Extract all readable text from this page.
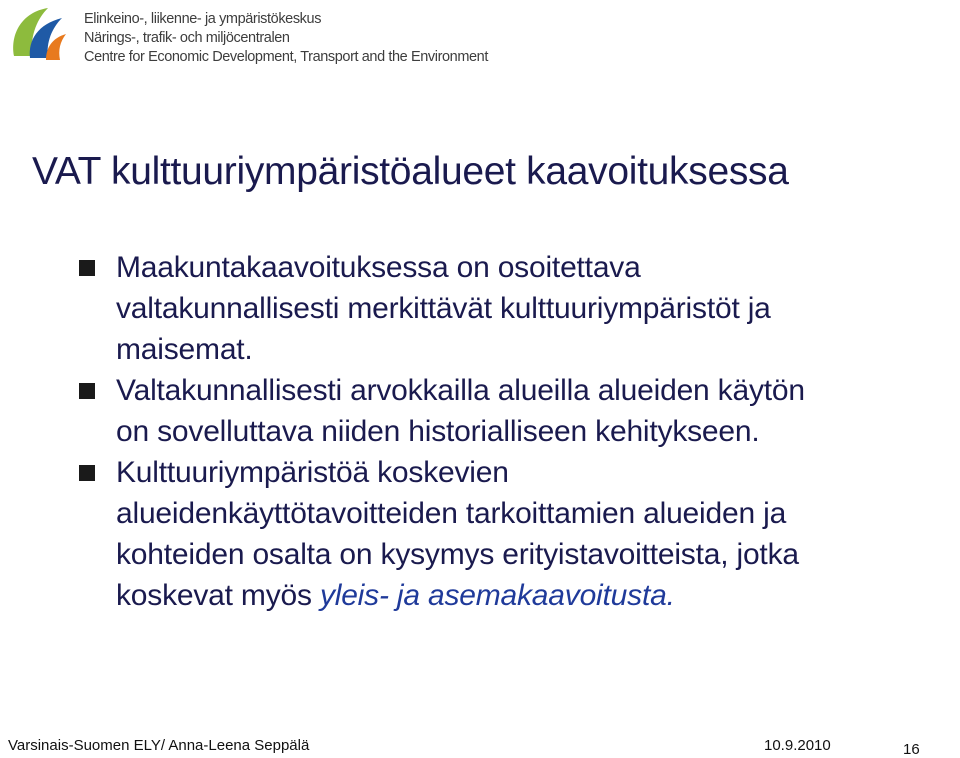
Elinkeino-, liikenne- ja ympäristökeskus
Närings-, trafik- och miljöcentralen
Centre for Economic Development, Transport and the Environment
VAT kulttuuriympäristöalueet kaavoituksessa
Maakuntakaavoituksessa on osoitettava
valtakunnallisesti merkittävät kulttuuriympäristöt ja
maisemat.
Valtakunnallisesti arvokkailla alueilla alueiden käytön
on sovelluttava niiden historialliseen kehitykseen.
Kulttuuriympäristöä koskevien
alueidenkäyttötavoitteiden tarkoittamien alueiden ja
kohteiden osalta on kysymys erityistavoitteista, jotka
koskevat myös yleis- ja asemakaavoitusta.
Varsinais-Suomen ELY/ Anna-Leena Seppälä	10.9.2010	16
